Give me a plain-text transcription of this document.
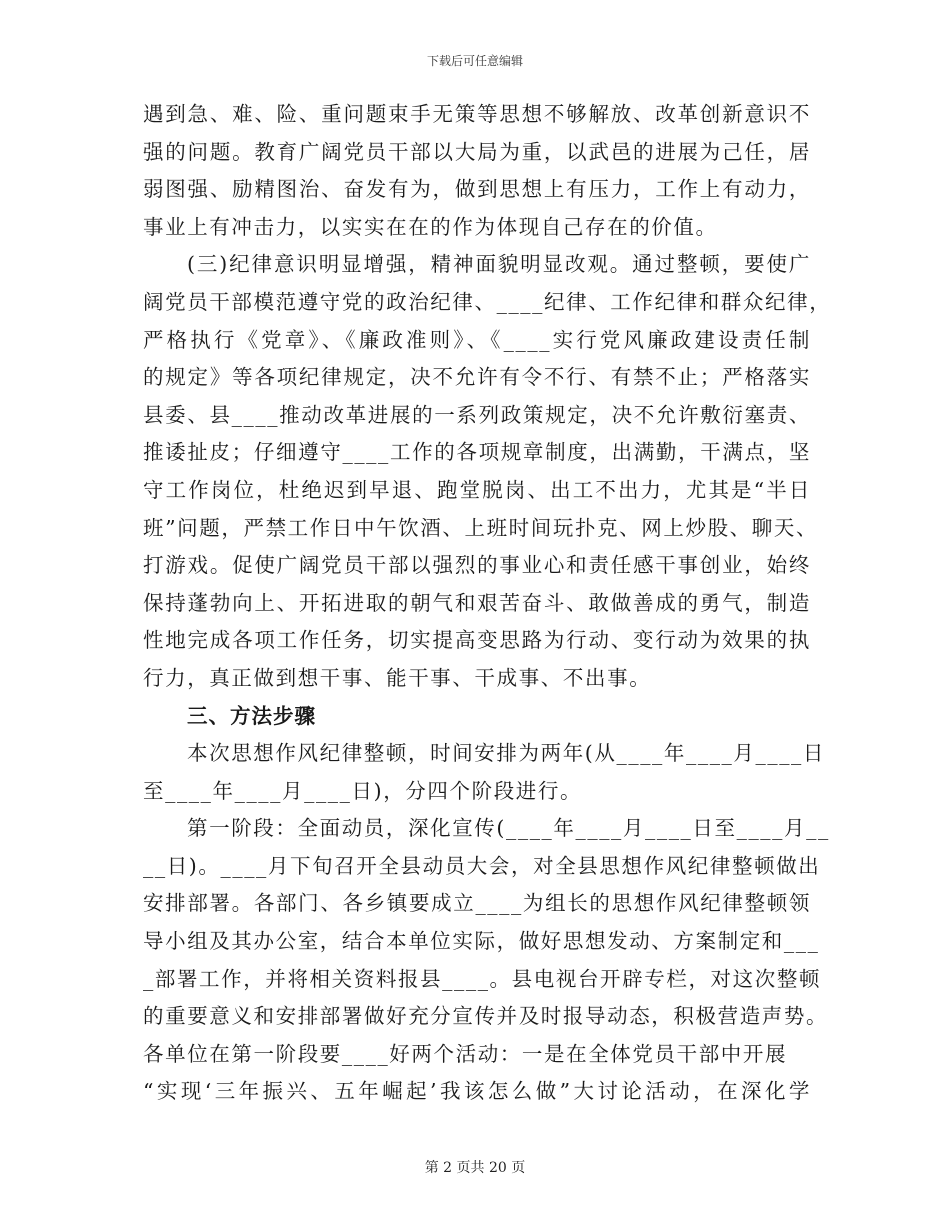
下载后可任意编辑
遇到急、难、险、重问题束手无策等思想不够解放、改革创新意识不
强的问题。教育广阔党员干部以大局为重，以武邑的进展为己任，居
弱图强、励精图治、奋发有为，做到思想上有压力，工作上有动力，
事业上有冲击力，以实实在在的作为体现自己存在的价值。
(三)纪律意识明显增强，精神面貌明显改观。通过整顿，要使广
阔党员干部模范遵守党的政治纪律、____纪律、工作纪律和群众纪律，
严格执行《党章》、《廉政准则》、《____实行党风廉政建设责任制
的规定》等各项纪律规定，决不允许有令不行、有禁不止；严格落实
县委、县____推动改革进展的一系列政策规定，决不允许敷衍塞责、
推诿扯皮；仔细遵守____工作的各项规章制度，出满勤，干满点，坚
守工作岗位，杜绝迟到早退、跑堂脱岗、出工不出力，尤其是“半日
班”问题，严禁工作日中午饮酒、上班时间玩扑克、网上炒股、聊天、
打游戏。促使广阔党员干部以强烈的事业心和责任感干事创业，始终
保持蓬勃向上、开拓进取的朝气和艰苦奋斗、敢做善成的勇气，制造
性地完成各项工作任务，切实提高变思路为行动、变行动为效果的执
行力，真正做到想干事、能干事、干成事、不出事。
三、方法步骤
本次思想作风纪律整顿，时间安排为两年(从____年____月____日
至____年____月____日)，分四个阶段进行。
第一阶段：全面动员，深化宣传(____年____月____日至____月__
__日)。____月下旬召开全县动员大会，对全县思想作风纪律整顿做出
安排部署。各部门、各乡镇要成立____为组长的思想作风纪律整顿领
导小组及其办公室，结合本单位实际，做好思想发动、方案制定和___
_部署工作，并将相关资料报县____。县电视台开辟专栏，对这次整顿
的重要意义和安排部署做好充分宣传并及时报导动态，积极营造声势。
各单位在第一阶段要____好两个活动：一是在全体党员干部中开展
“实现‘三年振兴、五年崛起’我该怎么做”大讨论活动，在深化学
第 2 页共 20 页
